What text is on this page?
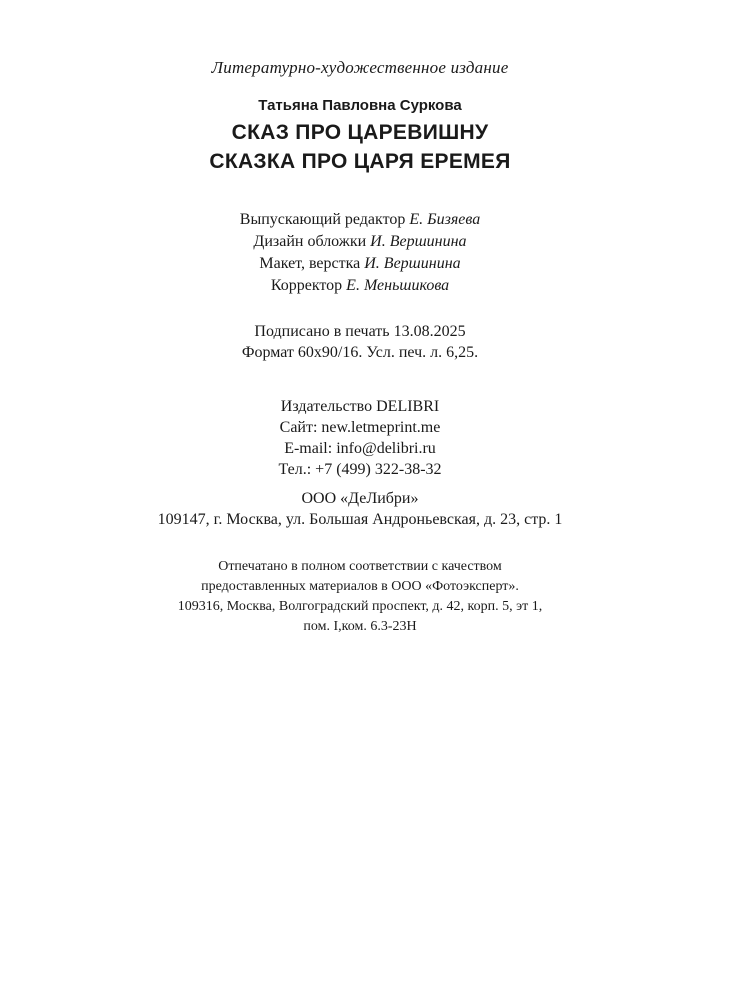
Литературно-художественное издание
Татьяна Павловна Суркова
СКАЗ ПРО ЦАРЕВИШНУ
СКАЗКА ПРО ЦАРЯ ЕРЕМЕЯ
Выпускающий редактор Е. Бизяева
Дизайн обложки И. Вершинина
Макет, верстка И. Вершинина
Корректор Е. Меньшикова
Подписано в печать 13.08.2025
Формат 60х90/16. Усл. печ. л. 6,25.
Издательство DELIBRI
Сайт: new.letmeprint.me
E-mail: info@delibri.ru
Тел.: +7 (499) 322-38-32
ООО «ДеЛибри»
109147, г. Москва, ул. Большая Андроньевская, д. 23, стр. 1
Отпечатано в полном соответствии с качеством
предоставленных материалов в ООО «Фотоэксперт».
109316, Москва, Волгоградский проспект, д. 42, корп. 5, эт 1,
пом. I,ком. 6.3-23Н
